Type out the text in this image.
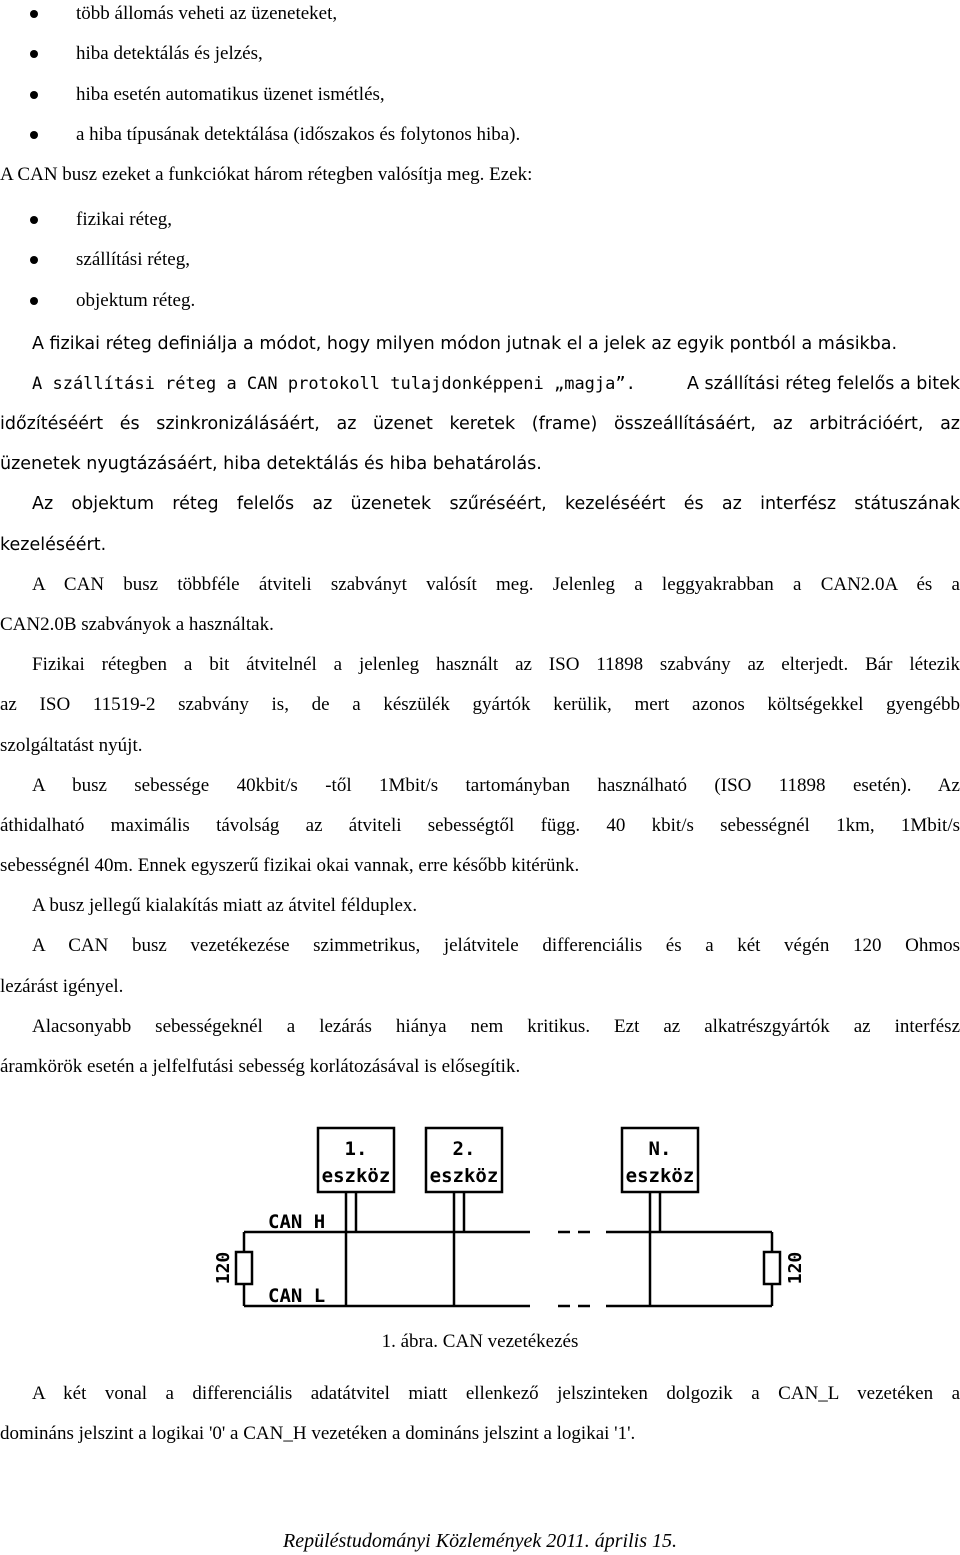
több állomás veheti az üzeneteket,
hiba detektálás és jelzés,
hiba esetén automatikus üzenet ismétlés,
a hiba típusának detektálása (időszakos és folytonos hiba).
A CAN busz ezeket a funkciókat három rétegben valósítja meg. Ezek:
fizikai réteg,
szállítási réteg,
objektum réteg.
A fizikai réteg definiálja a módot, hogy milyen módon jutnak el a jelek az egyik pontból a másikba.
A szállítási réteg a CAN protokoll tulajdonképpeni „magja”.	A szállítási réteg felelős a bitek
időzítéséért és szinkronizálásáért, az üzenet keretek (frame) összeállításáért, az arbitrációért, az
üzenetek nyugtázásáért, hiba detektálás és hiba behatárolás.
Az objektum réteg felelős az üzenetek szűréséért, kezeléséért és az interfész státuszának
kezeléséért.
A CAN busz többféle átviteli szabványt valósít meg. Jelenleg a leggyakrabban a CAN2.0A és a
CAN2.0B szabványok a használtak.
Fizikai rétegben a bit átvitelnél a jelenleg használt az ISO 11898 szabvány az elterjedt. Bár létezik
az ISO 11519-2 szabvány is, de a készülék gyártók kerülik, mert azonos költségekkel gyengébb
szolgáltatást nyújt.
A busz sebessége 40kbit/s -től 1Mbit/s tartományban használható (ISO 11898 esetén). Az
áthidalható maximális távolság az átviteli sebességtől függ. 40 kbit/s sebességnél 1km, 1Mbit/s
sebességnél 40m. Ennek egyszerű fizikai okai vannak, erre később kitérünk.
A busz jellegű kialakítás miatt az átvitel félduplex.
A CAN busz vezetékezése szimmetrikus, jelátvitele differenciális és a két végén 120 Ohmos
lezárást igényel.
Alacsonyabb sebességeknél a lezárás hiánya nem kritikus. Ezt az alkatrészgyártók az interfész
áramkörök esetén a jelfelfutási sebesség korlátozásával is elősegítik.
1.
eszköz
2.
eszköz
N.
eszköz
CAN H
CAN L
120	120
1. ábra. CAN vezetékezés
A két vonal a differenciális adatátvitel miatt ellenkező jelszinteken dolgozik a CAN_L vezetéken a
domináns jelszint a logikai '0' a CAN_H vezetéken a domináns jelszint a logikai '1'.
Repüléstudományi Közlemények 2011. április 15.
